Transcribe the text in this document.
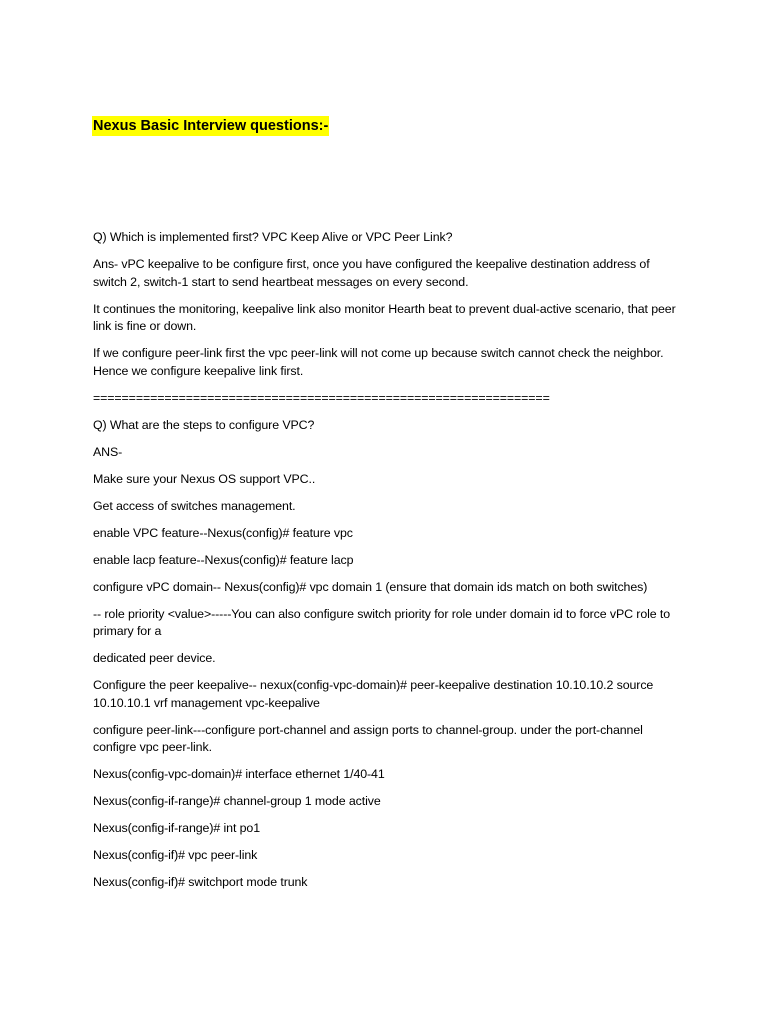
Nexus Basic Interview questions:-

Q) Which is implemented first? VPC Keep Alive or VPC Peer Link?

Ans- vPC keepalive to be configure first, once you have configured the keepalive destination address of switch 2, switch-1 start to send heartbeat messages on every second.

It continues the monitoring, keepalive link also monitor Hearth beat to prevent dual-active scenario, that peer link is fine or down.

If we configure peer-link first the vpc peer-link will not come up because switch cannot check the neighbor. Hence we configure keepalive link first.

================================================================

Q) What are the steps to configure VPC?

ANS-

Make sure your Nexus OS support VPC..

Get access of switches management.

enable VPC feature--Nexus(config)# feature vpc

enable lacp feature--Nexus(config)# feature lacp

configure vPC domain-- Nexus(config)# vpc domain 1 (ensure that domain ids match on both switches)

-- role priority <value>-----You can also configure switch priority for role under domain id to force vPC role to primary for a

dedicated peer device.

Configure the peer keepalive-- nexux(config-vpc-domain)# peer-keepalive destination 10.10.10.2 source 10.10.10.1 vrf management vpc-keepalive

configure peer-link---configure port-channel and assign ports to channel-group. under the port-channel configre vpc peer-link.

Nexus(config-vpc-domain)# interface ethernet 1/40-41

Nexus(config-if-range)# channel-group 1 mode active

Nexus(config-if-range)# int po1

Nexus(config-if)# vpc peer-link

Nexus(config-if)# switchport mode trunk
